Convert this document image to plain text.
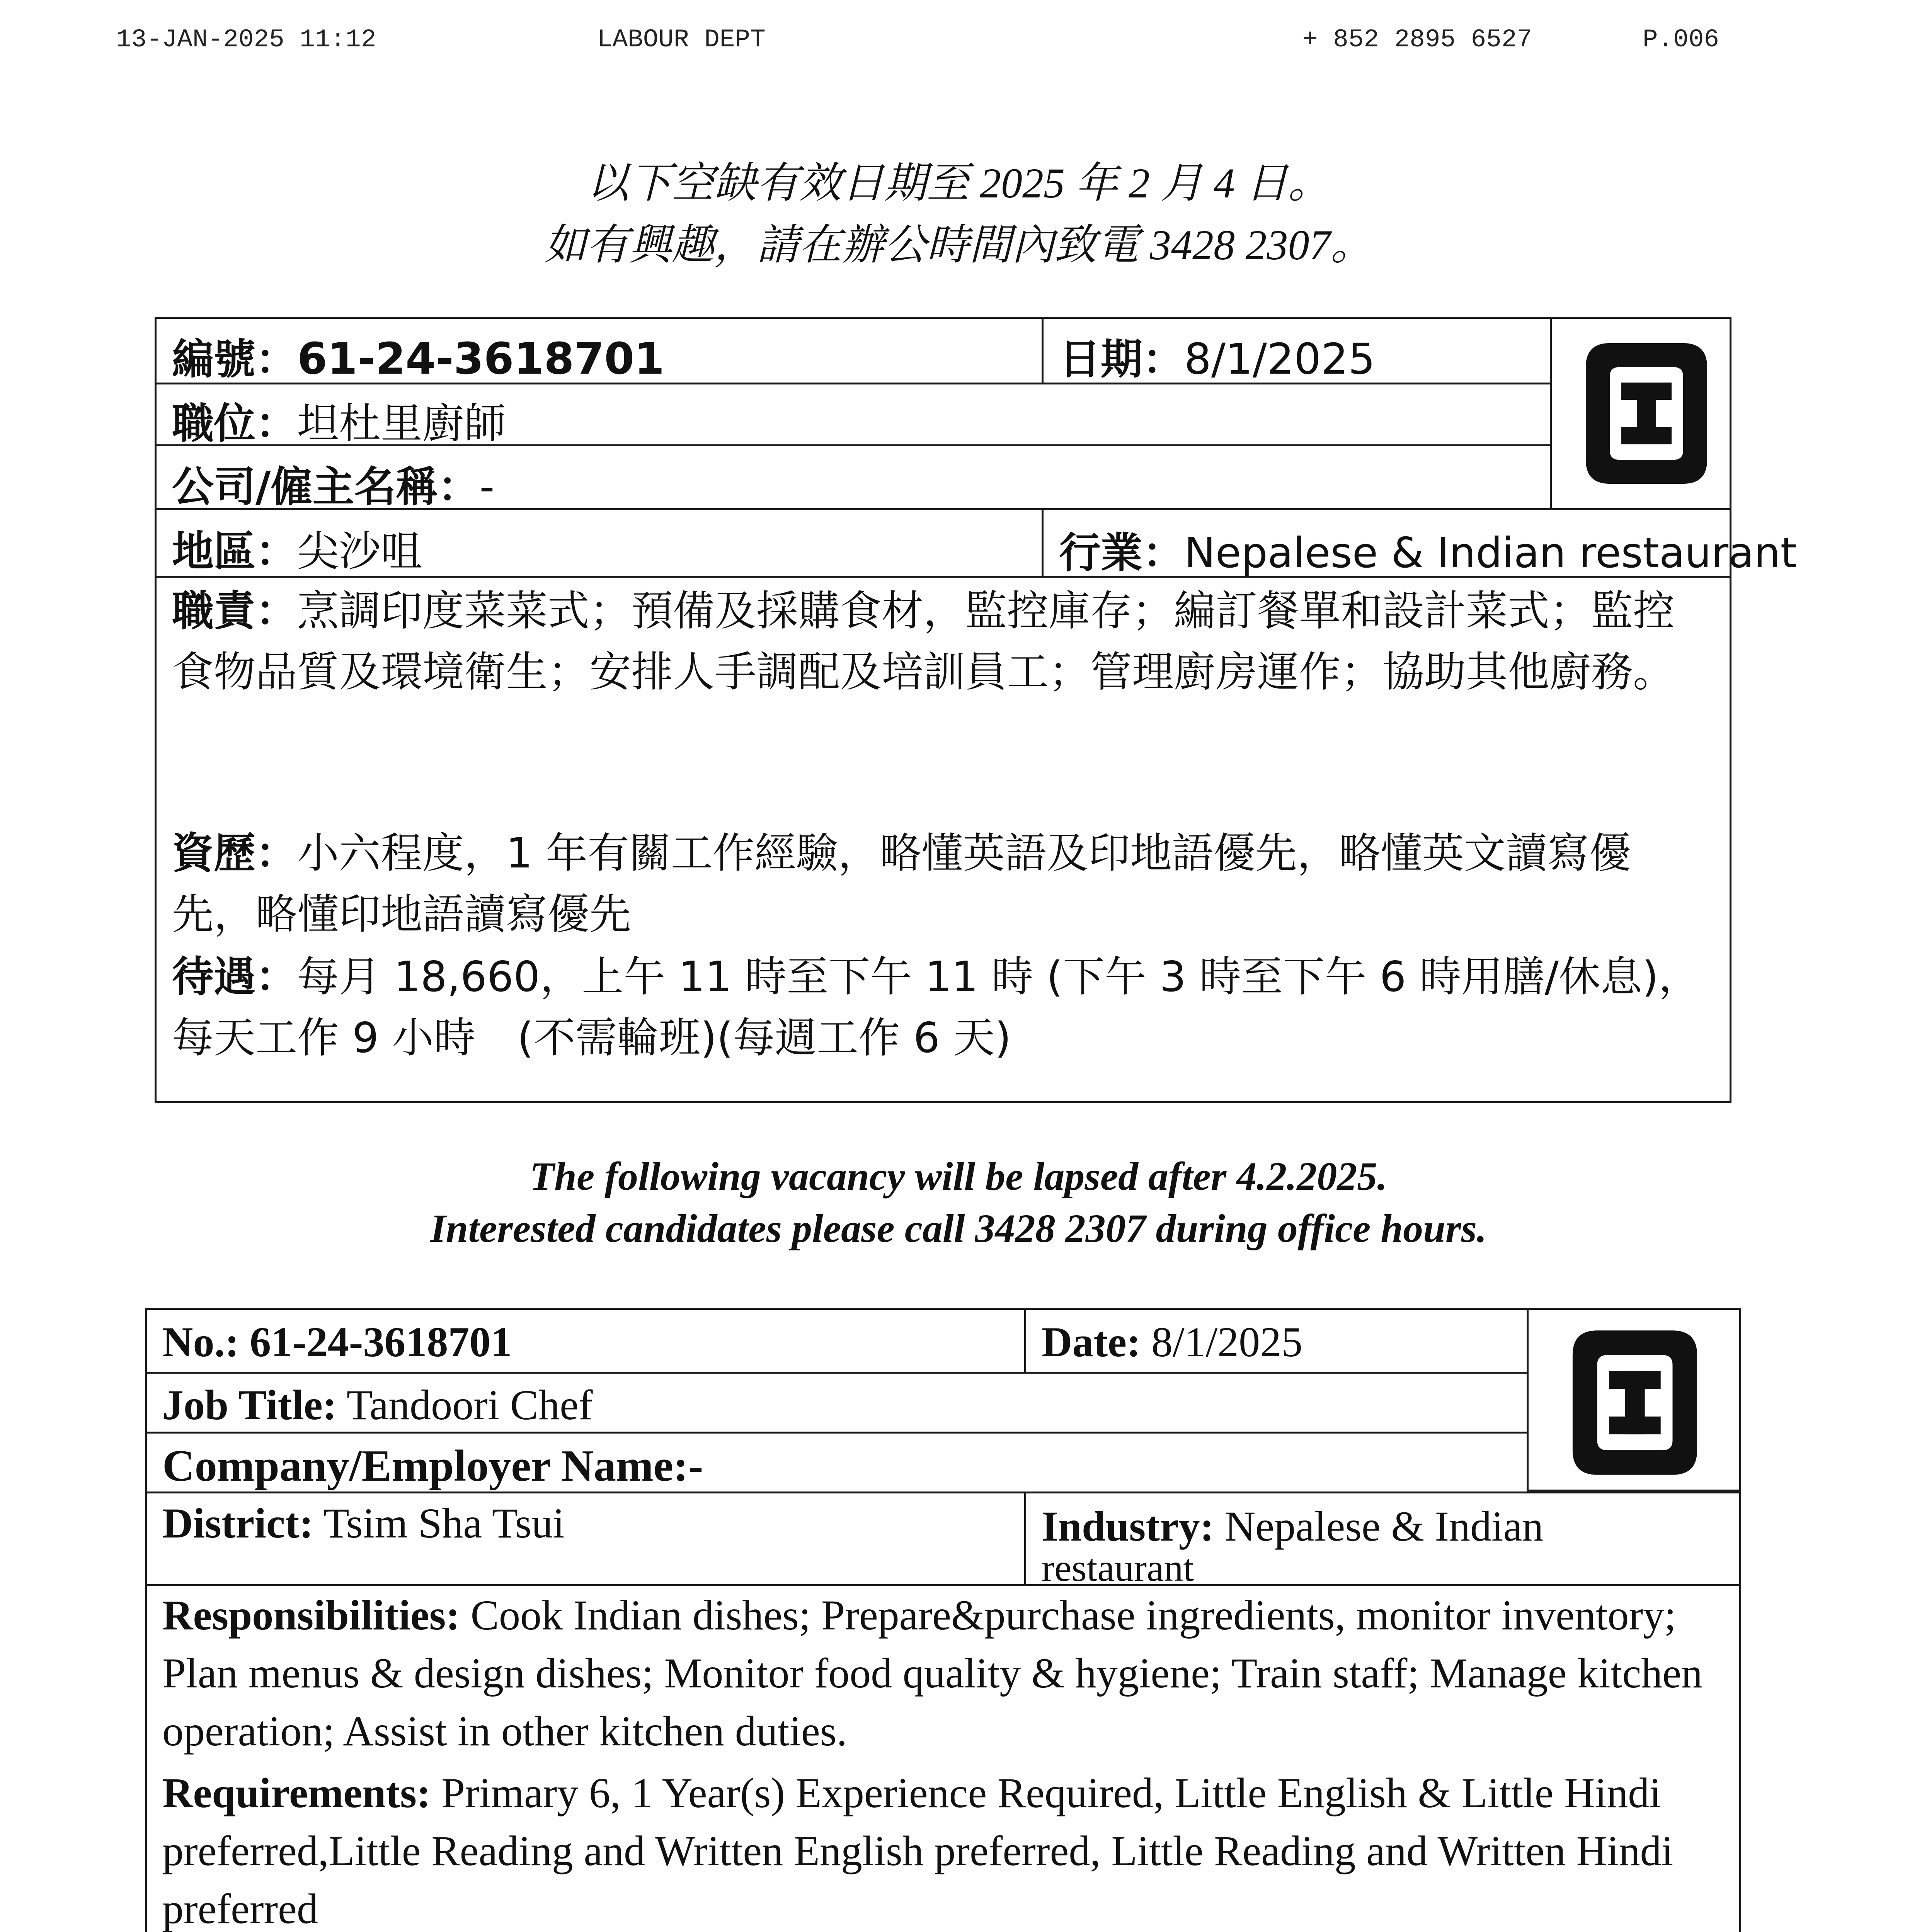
13-JAN-2025 11:12	LABOUR DEPT	+ 852 2895 6527	P.006
以下空缺有效日期至 2025 年 2 月 4 日。
如有興趣，請在辦公時間內致電 3428 2307。
編號：61-24-3618701	日期：8/1/2025
職位：坦杜里廚師
公司/僱主名稱：-
地區：尖沙咀	行業：Nepalese & Indian restaurant
職責：烹調印度菜菜式；預備及採購食材，監控庫存；編訂餐單和設計菜式；監控食物品質及環境衛生；安排人手調配及培訓員工；管理廚房運作；協助其他廚務。
資歷：小六程度，1 年有關工作經驗，略懂英語及印地語優先，略懂英文讀寫優先，略懂印地語讀寫優先
待遇：每月 18,660，上午 11 時至下午 11 時 (下午 3 時至下午 6 時用膳/休息)，每天工作 9 小時　(不需輪班)(每週工作 6 天)
The following vacancy will be lapsed after 4.2.2025.
Interested candidates please call 3428 2307 during office hours.
No.: 61-24-3618701	Date: 8/1/2025
Job Title: Tandoori Chef
Company/Employer Name:-
District: Tsim Sha Tsui	Industry: Nepalese & Indian
restaurant
Responsibilities: Cook Indian dishes; Prepare&purchase ingredients, monitor inventory; Plan menus & design dishes; Monitor food quality & hygiene; Train staff; Manage kitchen operation; Assist in other kitchen duties.
Requirements: Primary 6, 1 Year(s) Experience Required, Little English & Little Hindi preferred,Little Reading and Written English preferred, Little Reading and Written Hindi preferred
